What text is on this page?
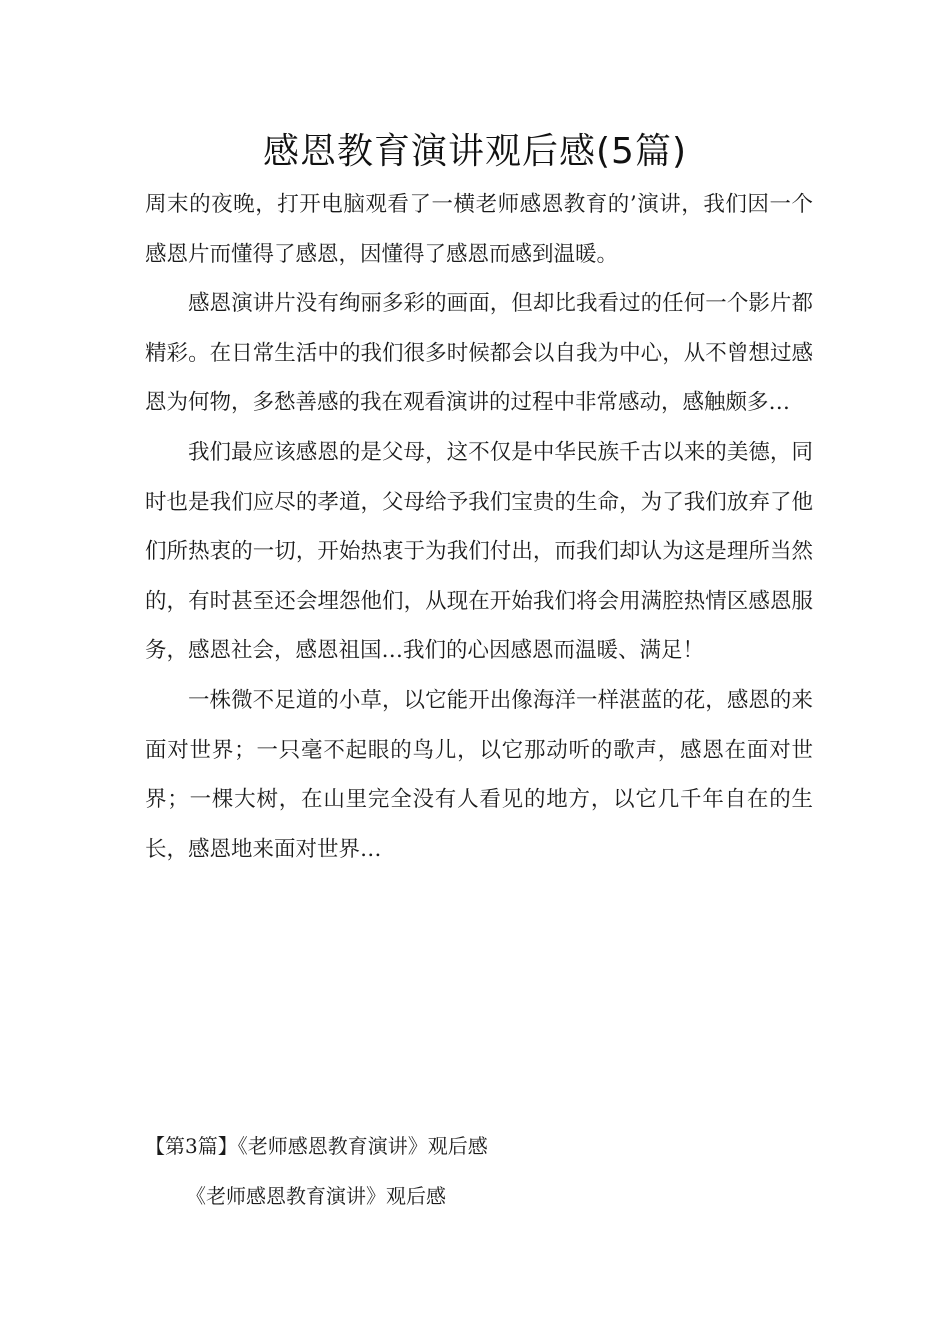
感恩教育演讲观后感(5篇)

周末的夜晚，打开电脑观看了一横老师感恩教育的’演讲，我们因一个感恩片而懂得了感恩，因懂得了感恩而感到温暖。

感恩演讲片没有绚丽多彩的画面，但却比我看过的任何一个影片都精彩。在日常生活中的我们很多时候都会以自我为中心，从不曾想过感恩为何物，多愁善感的我在观看演讲的过程中非常感动，感触颇多…

我们最应该感恩的是父母，这不仅是中华民族千古以来的美德，同时也是我们应尽的孝道，父母给予我们宝贵的生命，为了我们放弃了他们所热衷的一切，开始热衷于为我们付出，而我们却认为这是理所当然的，有时甚至还会埋怨他们，从现在开始我们将会用满腔热情区感恩服务，感恩社会，感恩祖国…我们的心因感恩而温暖、满足！

一株微不足道的小草，以它能开出像海洋一样湛蓝的花，感恩的来面对世界；一只毫不起眼的鸟儿，以它那动听的歌声，感恩在面对世界；一棵大树，在山里完全没有人看见的地方，以它几千年自在的生长，感恩地来面对世界…

【第3篇】《老师感恩教育演讲》观后感

《老师感恩教育演讲》观后感
